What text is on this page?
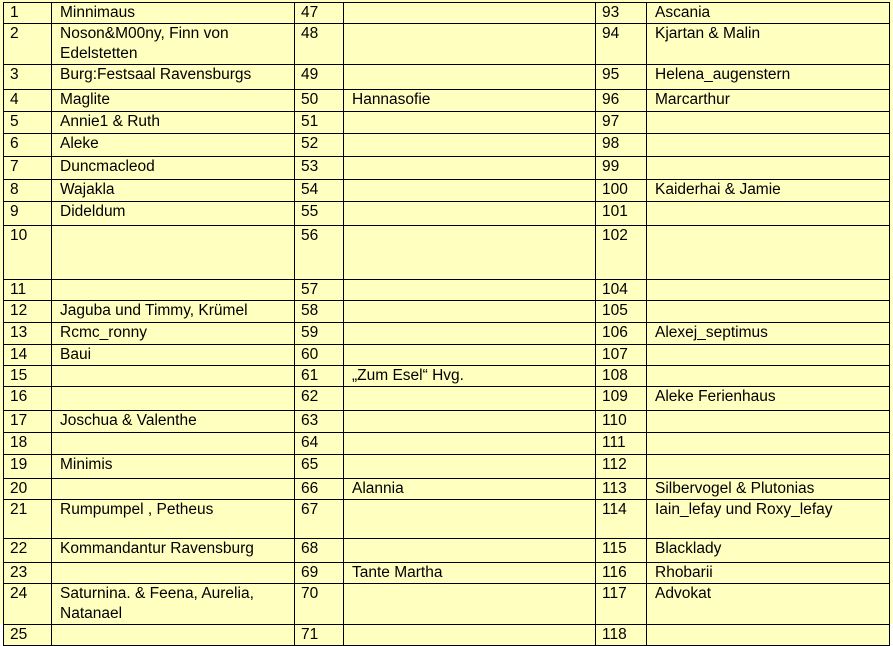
1	Minnimaus	47		93	Ascania
2	Noson&M00ny, Finn von Edelstetten	48		94	Kjartan & Malin
3	Burg:Festsaal Ravensburgs	49		95	Helena_augenstern
4	Maglite	50	Hannasofie	96	Marcarthur
5	Annie1 & Ruth	51		97	
6	Aleke	52		98	
7	Duncmacleod	53		99	
8	Wajakla	54		100	Kaiderhai & Jamie
9	Dideldum	55		101	
10		56		102	
11		57		104	
12	Jaguba und Timmy, Krümel	58		105	
13	Rcmc_ronny	59		106	Alexej_septimus
14	Baui	60		107	
15		61	„Zum Esel“ Hvg.	108	
16		62		109	Aleke Ferienhaus
17	Joschua & Valenthe	63		110	
18		64		111	
19	Minimis	65		112	
20		66	Alannia	113	Silbervogel & Plutonias
21	Rumpumpel , Petheus	67		114	Iain_lefay und Roxy_lefay
22	Kommandantur Ravensburg	68		115	Blacklady
23		69	Tante Martha	116	Rhobarii
24	Saturnina. & Feena, Aurelia, Natanael	70		117	Advokat
25		71		118	
